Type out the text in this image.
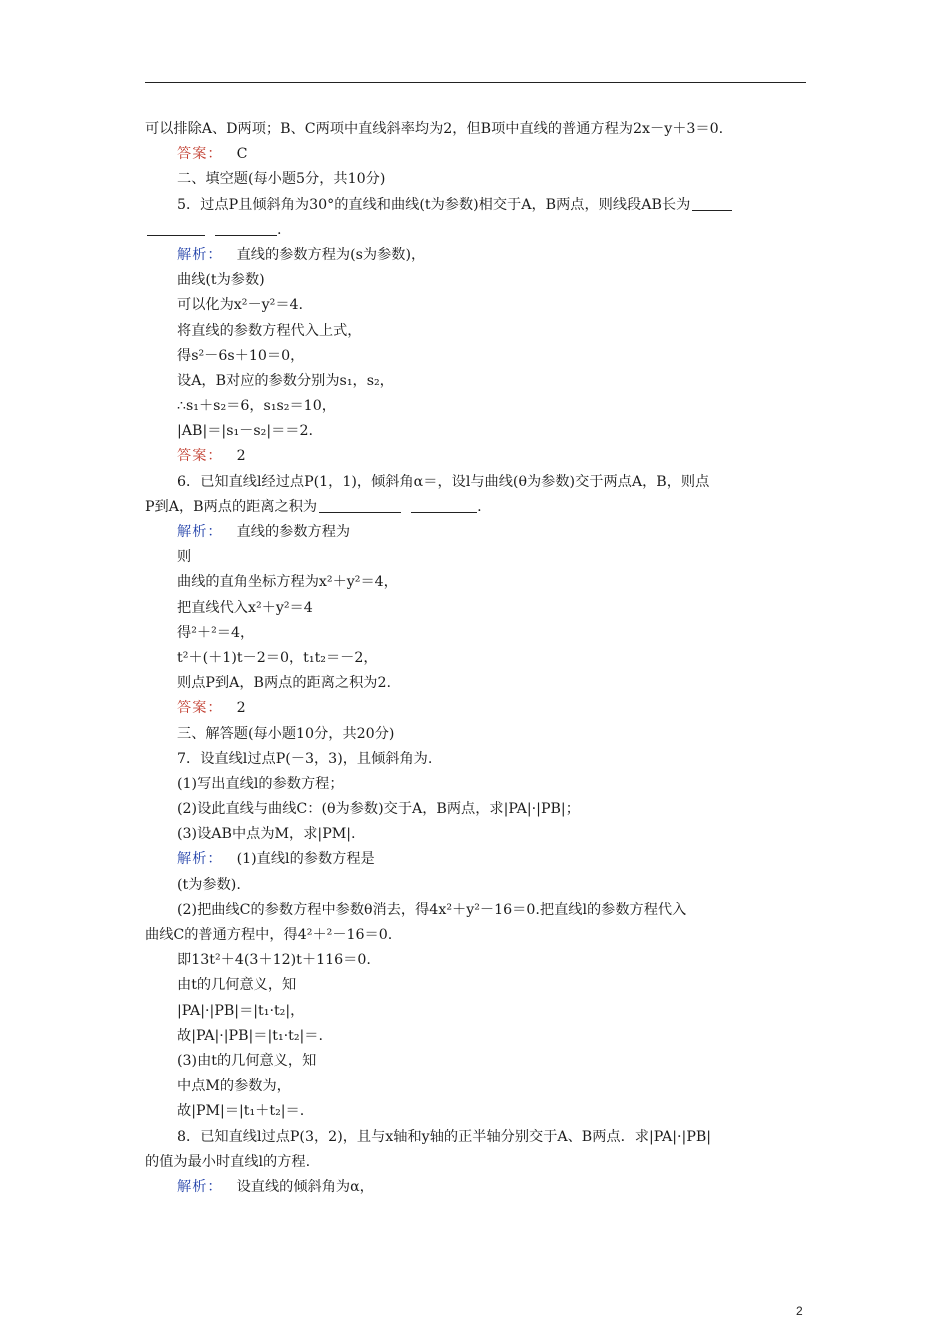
可以排除A、D两项；B、C两项中直线斜率均为2，但B项中直线的普通方程为2x－y＋3＝0.
答案： C
二、填空题(每小题5分，共10分)
5．过点P且倾斜角为30°的直线和曲线(t为参数)相交于A，B两点，则线段AB长为
.
解析： 直线的参数方程为(s为参数)，
曲线(t为参数)
可以化为x²－y²＝4.
将直线的参数方程代入上式，
得s²－6s＋10＝0，
设A，B对应的参数分别为s₁，s₂，
∴s₁＋s₂＝6，s₁s₂＝10，
|AB|＝|s₁－s₂|＝＝2.
答案： 2
6．已知直线l经过点P(1，1)，倾斜角α＝，设l与曲线(θ为参数)交于两点A，B，则点
P到A，B两点的距离之积为	.
解析： 直线的参数方程为
则
曲线的直角坐标方程为x²＋y²＝4，
把直线代入x²＋y²＝4
得²＋²＝4，
t²＋(＋1)t－2＝0，t₁t₂＝－2，
则点P到A，B两点的距离之积为2.
答案： 2
三、解答题(每小题10分，共20分)
7．设直线l过点P(－3，3)，且倾斜角为.
(1)写出直线l的参数方程；
(2)设此直线与曲线C：(θ为参数)交于A，B两点，求|PA|·|PB|；
(3)设AB中点为M，求|PM|.
解析： (1)直线l的参数方程是
(t为参数).
(2)把曲线C的参数方程中参数θ消去，得4x²＋y²－16＝0.把直线l的参数方程代入
曲线C的普通方程中，得4²＋²－16＝0.
即13t²＋4(3＋12)t＋116＝0.
由t的几何意义，知
|PA|·|PB|＝|t₁·t₂|，
故|PA|·|PB|＝|t₁·t₂|＝.
(3)由t的几何意义，知
中点M的参数为，
故|PM|＝|t₁＋t₂|＝.
8．已知直线l过点P(3，2)，且与x轴和y轴的正半轴分别交于A、B两点．求|PA|·|PB|
的值为最小时直线l的方程.
解析： 设直线的倾斜角为α，
2
